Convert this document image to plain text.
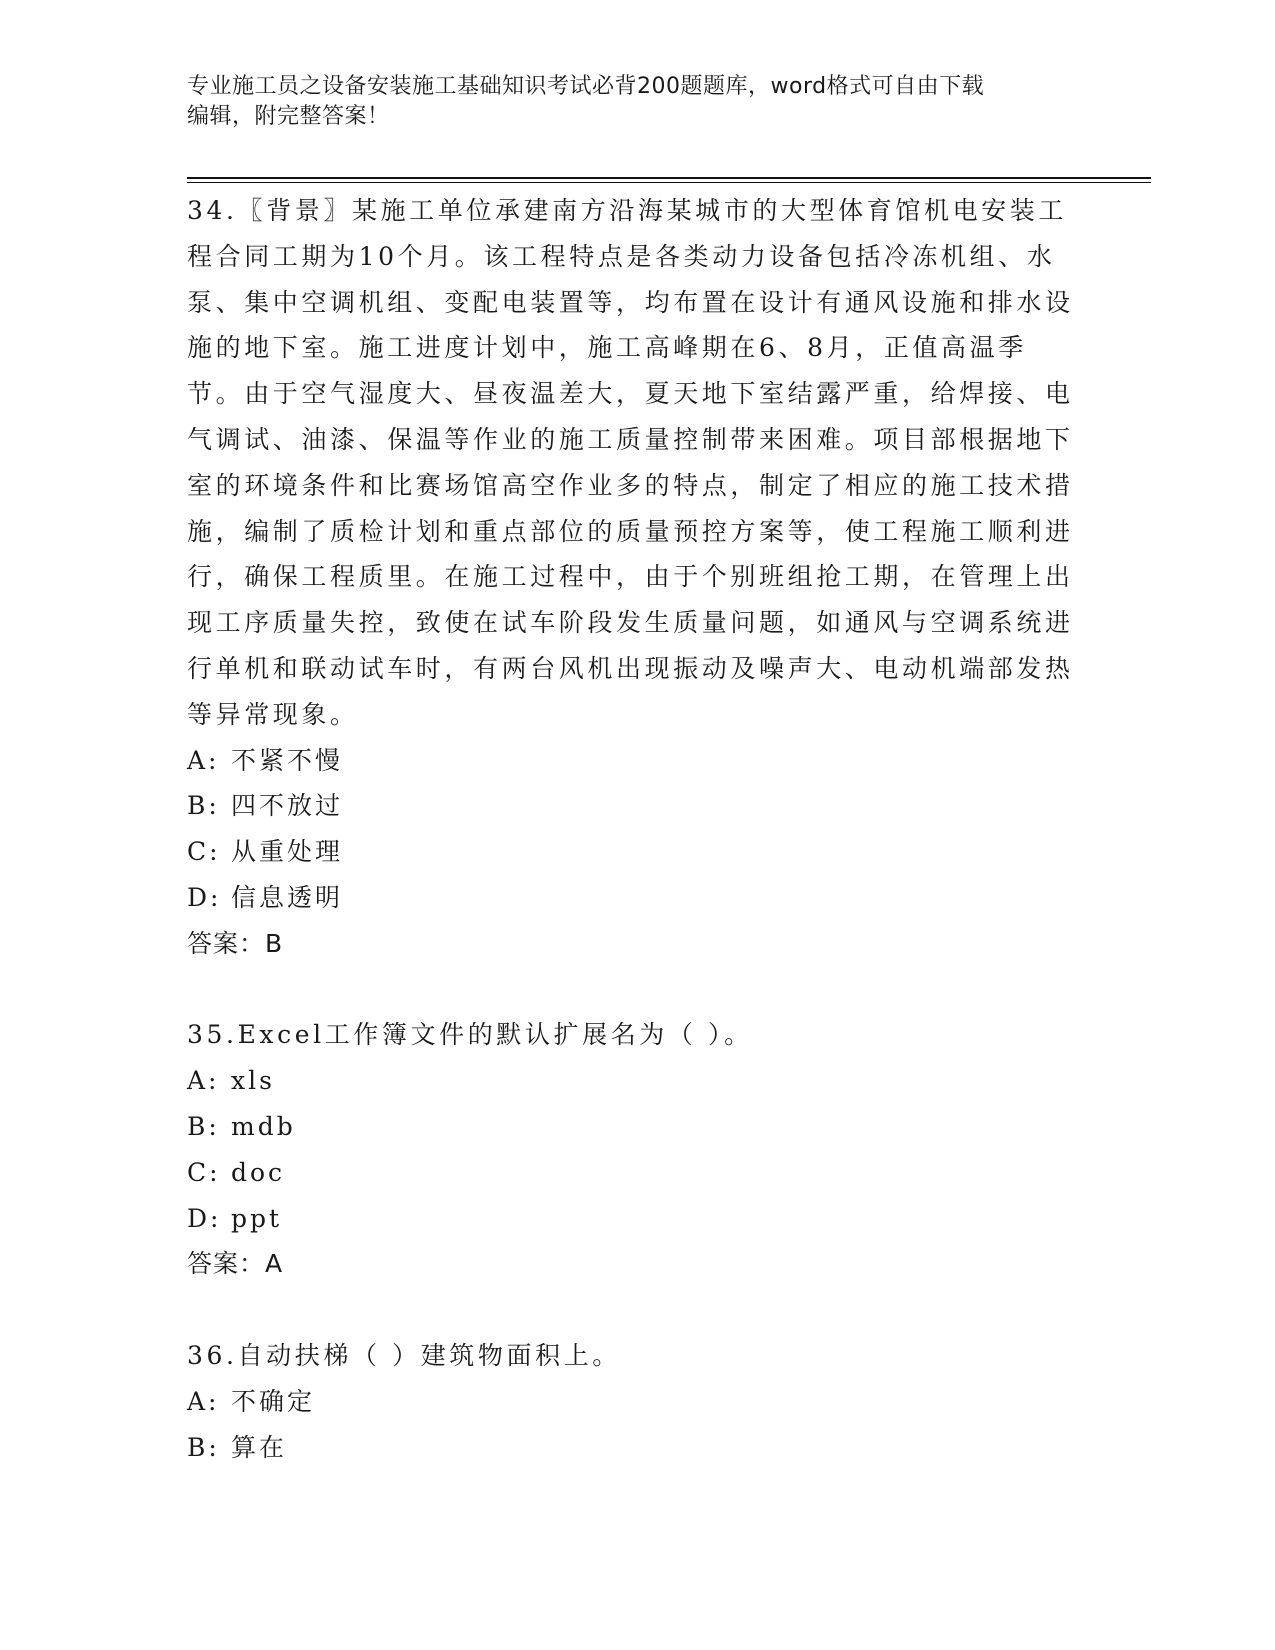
专业施工员之设备安装施工基础知识考试必背200题题库，word格式可自由下载
编辑，附完整答案！

34.〖背景〗某施工单位承建南方沿海某城市的大型体育馆机电安装工程合同工期为10个月。该工程特点是各类动力设备包括冷冻机组、水泵、集中空调机组、变配电装置等，均布置在设计有通风设施和排水设施的地下室。施工进度计划中，施工高峰期在6、8月，正值高温季节。由于空气湿度大、昼夜温差大，夏天地下室结露严重，给焊接、电气调试、油漆、保温等作业的施工质量控制带来困难。项目部根据地下室的环境条件和比赛场馆高空作业多的特点，制定了相应的施工技术措施，编制了质检计划和重点部位的质量预控方案等，使工程施工顺利进行，确保工程质里。在施工过程中，由于个别班组抢工期，在管理上出现工序质量失控，致使在试车阶段发生质量问题，如通风与空调系统进行单机和联动试车时，有两台风机出现振动及噪声大、电动机端部发热等异常现象。

A: 不紧不慢

B: 四不放过

C: 从重处理

D: 信息透明

答案：B

35.Excel工作簿文件的默认扩展名为（ ）。

A: xls

B: mdb

C: doc

D: ppt

答案：A

36.自动扶梯（ ）建筑物面积上。

A: 不确定

B: 算在
